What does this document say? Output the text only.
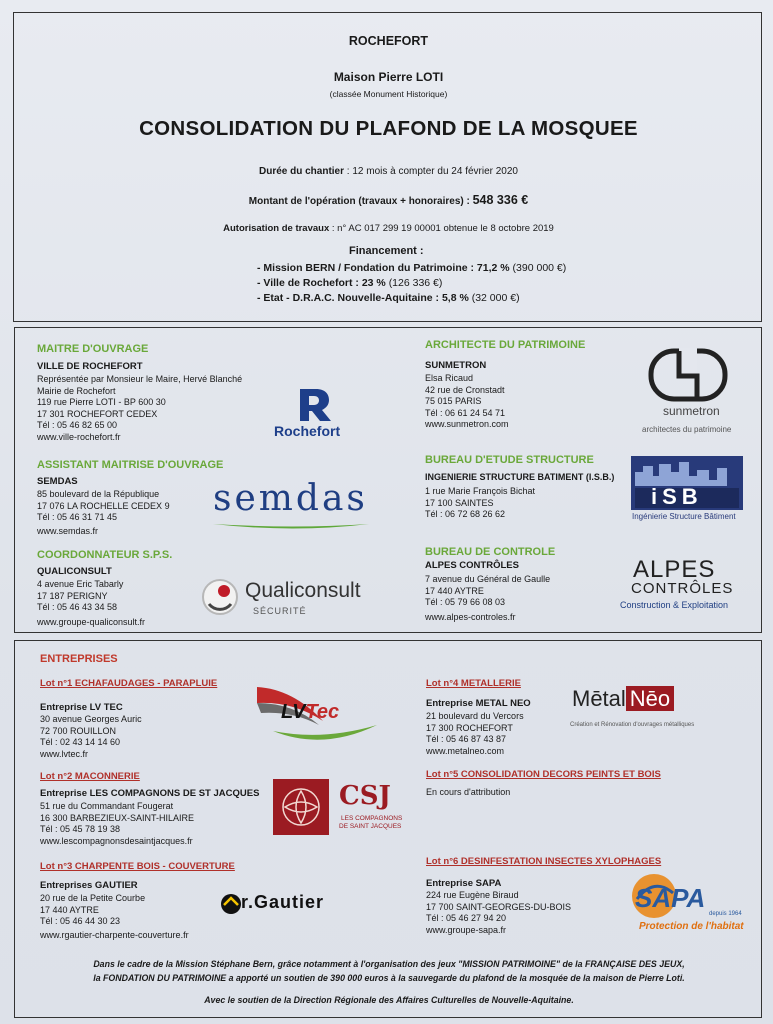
ROCHEFORT
Maison Pierre LOTI
(classée Monument Historique)
CONSOLIDATION DU PLAFOND DE LA MOSQUEE
Durée du chantier : 12 mois à compter du 24 février 2020
Montant de l'opération (travaux + honoraires) : 548 336 €
Autorisation de travaux : n° AC 017 299 19 00001 obtenue le 8 octobre 2019
Financement :
- Mission BERN / Fondation du Patrimoine : 71,2 % (390 000 €)
- Ville de Rochefort : 23 % (126 336 €)
- Etat - D.R.A.C. Nouvelle-Aquitaine : 5,8 % (32 000 €)
MAITRE D'OUVRAGE
VILLE DE ROCHEFORT
Représentée par Monsieur le Maire, Hervé Blanché
Mairie de Rochefort
119 rue Pierre LOTI - BP 600 30
17 301 ROCHEFORT CEDEX
Tél : 05 46 82 65 00
www.ville-rochefort.fr	Rochefort
ASSISTANT MAITRISE D'OUVRAGE
SEMDAS
85 boulevard de la République
17 076 LA ROCHELLE CEDEX 9
Tél : 05 46 31 71 45
www.semdas.fr
semdas
COORDONNATEUR S.P.S.
QUALICONSULT
4 avenue Eric Tabarly
17 187 PERIGNY
Tél : 05 46 43 34 58
www.groupe-qualiconsult.fr
Qualiconsult
SÉCURITÉ
ARCHITECTE DU PATRIMOINE
SUNMETRON
Elsa Ricaud
42 rue de Cronstadt
75 015 PARIS
Tél : 06 61 24 54 71
www.sunmetron.com
sunmetron
architectes du patrimoine
BUREAU D'ETUDE STRUCTURE
INGENIERIE STRUCTURE BATIMENT (I.S.B.)
1 rue Marie François Bichat
17 100 SAINTES
Tél : 06 72 68 26 62
iSB
Ingénierie Structure Bâtiment
BUREAU DE CONTROLE
ALPES CONTRÔLES
7 avenue du Général de Gaulle
17 440 AYTRE
Tél : 05 79 66 08 03
www.alpes-controles.fr
ALPES
CONTRÔLES
Construction & Exploitation
ENTREPRISES
Lot n°1 ECHAFAUDAGES - PARAPLUIE
Entreprise LV TEC
30 avenue Georges Auric
72 700 ROUILLON
Tél : 02 43 14 14 60
www.lvtec.fr
LVTec
Lot n°2 MACONNERIE
Entreprise LES COMPAGNONS DE ST JACQUES
51 rue du Commandant Fougerat
16 300 BARBEZIEUX-SAINT-HILAIRE
Tél : 05 45 78 19 38
www.lescompagnonsdesaintjacques.fr
CSJ
LES COMPAGNONS
DE SAINT JACQUES
Lot n°3 CHARPENTE BOIS - COUVERTURE
Entreprises GAUTIER
20 rue de la Petite Courbe
17 440 AYTRE
Tél : 05 46 44 30 23
www.rgautier-charpente-couverture.fr
r.Gautier
Lot n°4 METALLERIE
Entreprise METAL NEO
21 boulevard du Vercors
17 300 ROCHEFORT
Tél : 05 46 87 43 87
www.metalneo.com
Mētal Nēo
Création et Rénovation d'ouvrages métalliques
Lot n°5 CONSOLIDATION DECORS PEINTS ET BOIS
En cours d'attribution
Lot n°6 DESINFESTATION INSECTES XYLOPHAGES
Entreprise SAPA
224 rue Eugène Biraud
17 700 SAINT-GEORGES-DU-BOIS
Tél : 05 46 27 94 20
www.groupe-sapa.fr
SAPA
depuis 1964
Protection de l'habitat
Dans le cadre de la Mission Stéphane Bern, grâce notamment à l'organisation des jeux "MISSION PATRIMOINE" de la FRANÇAISE DES JEUX,
la FONDATION DU PATRIMOINE a apporté un soutien de 390 000 euros à la sauvegarde du plafond de la mosquée de la maison de Pierre Loti.
Avec le soutien de la Direction Régionale des Affaires Culturelles de Nouvelle-Aquitaine.
